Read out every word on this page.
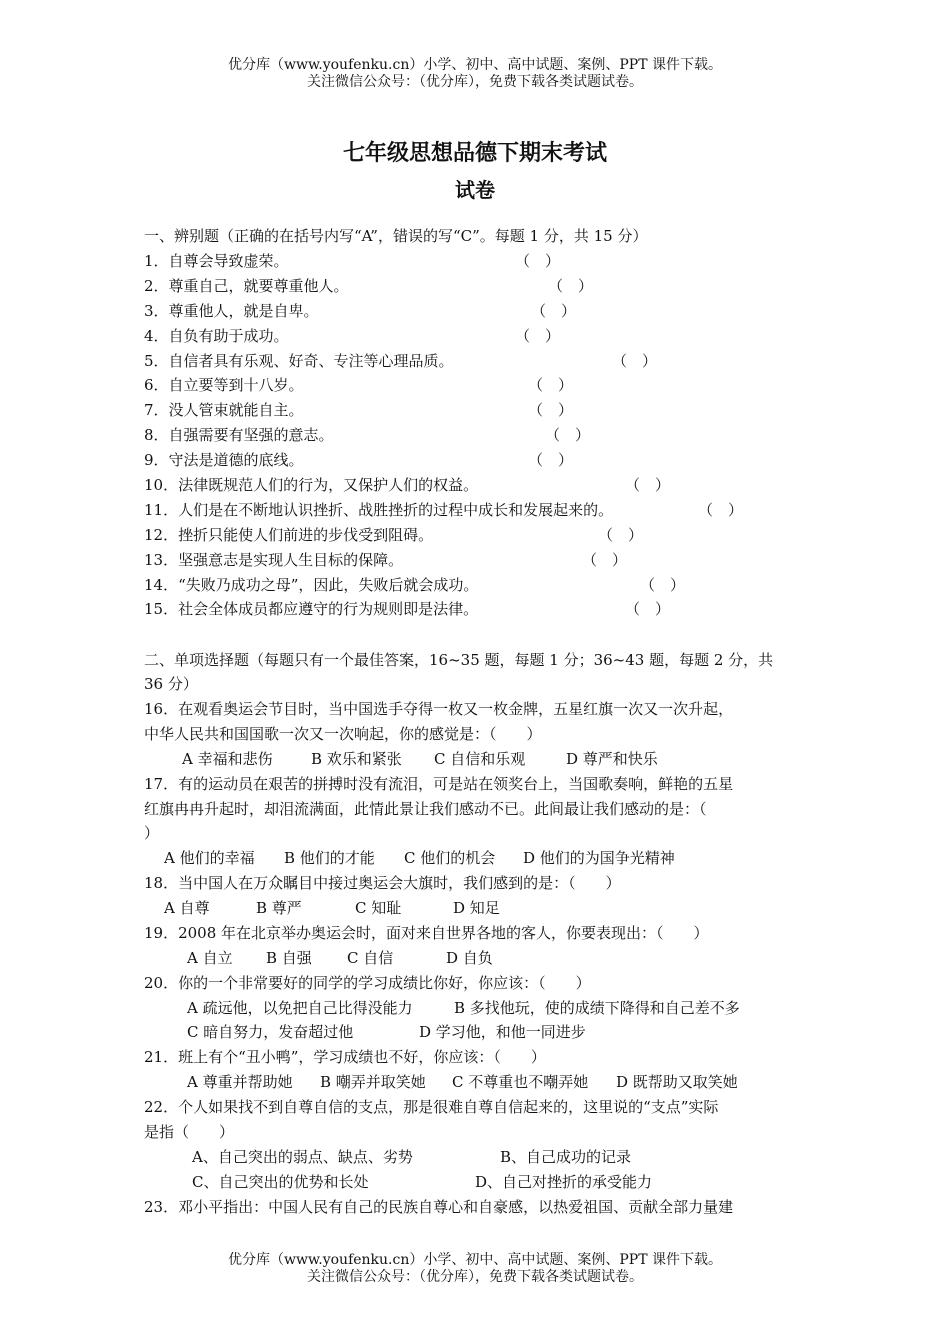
优分库（www.youfenku.cn）小学、初中、高中试题、案例、PPT 课件下载。
关注微信公众号：（优分库），免费下载各类试题试卷。
七年级思想品德下期末考试
试卷
一、辨别题（正确的在括号内写“A”，错误的写“C”。每题 1 分，共 15 分）
1．自尊会导致虚荣。	（　）
2．尊重自己，就要尊重他人。	（　）
3．尊重他人，就是自卑。	（　）
4．自负有助于成功。	（　）
5．自信者具有乐观、好奇、专注等心理品质。	（　）
6．自立要等到十八岁。	（　）
7．没人管束就能自主。	（　）
8．自强需要有坚强的意志。	（　）
9．守法是道德的底线。	（　）
10．法律既规范人们的行为，又保护人们的权益。	（　）
11．人们是在不断地认识挫折、战胜挫折的过程中成长和发展起来的。	（　）
12．挫折只能使人们前进的步伐受到阻碍。	（　）
13．坚强意志是实现人生目标的保障。	（　）
14．“失败乃成功之母”，因此，失败后就会成功。	（　）
15．社会全体成员都应遵守的行为规则即是法律。	（　）
二、单项选择题（每题只有一个最佳答案，16~35 题，每题 1 分；36~43 题，每题 2 分，共
36 分）
16．在观看奥运会节目时，当中国选手夺得一枚又一枚金牌，五星红旗一次又一次升起，
中华人民共和国国歌一次又一次响起，你的感觉是：（　　）
A 幸福和悲伤	B 欢乐和紧张 C 自信和乐观	D 尊严和快乐
17．有的运动员在艰苦的拼搏时没有流泪，可是站在领奖台上，当国歌奏响，鲜艳的五星
红旗冉冉升起时，却泪流满面，此情此景让我们感动不已。此间最让我们感动的是：（
）
A 他们的幸福 B 他们的才能 C 他们的机会 D 他们的为国争光精神
18．当中国人在万众瞩目中接过奥运会大旗时，我们感到的是：（　　）
A 自尊	B 尊严	C 知耻	D 知足
19．2008 年在北京举办奥运会时，面对来自世界各地的客人，你要表现出：（　　）
A 自立 B 自强 C 自信	D 自负
20．你的一个非常要好的同学的学习成绩比你好，你应该：（　　）
A 疏远他，以免把自己比得没能力	B 多找他玩，使的成绩下降得和自己差不多
C 暗自努力，发奋超过他	D 学习他，和他一同进步
21．班上有个“丑小鸭”，学习成绩也不好，你应该：（　　）
A 尊重并帮助她 B 嘲弄并取笑她 C 不尊重也不嘲弄她 D 既帮助又取笑她
22．个人如果找不到自尊自信的支点，那是很难自尊自信起来的，这里说的“支点”实际
是指（　　）
A、自己突出的弱点、缺点、劣势	B、自己成功的记录
C、自己突出的优势和长处	D、自己对挫折的承受能力
23．邓小平指出：中国人民有自己的民族自尊心和自豪感，以热爱祖国、贡献全部力量建
优分库（www.youfenku.cn）小学、初中、高中试题、案例、PPT 课件下载。
关注微信公众号：（优分库），免费下载各类试题试卷。
